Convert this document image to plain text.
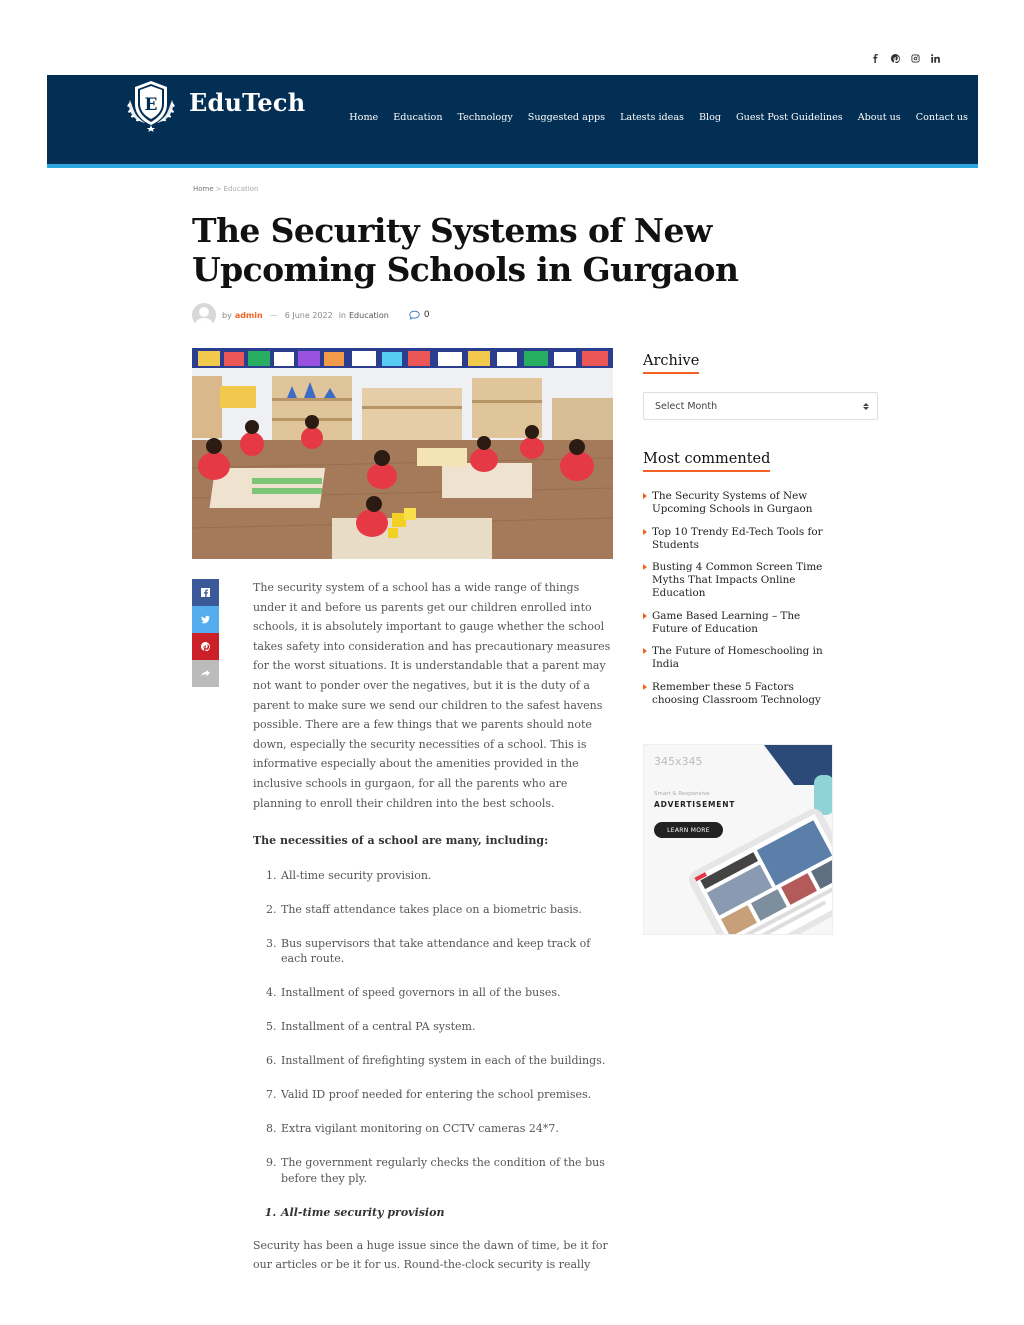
E EduTech
Home Education Technology Suggested apps Latests ideas Blog Guest Post Guidelines About us Contact us
Home > Education
The Security Systems of New Upcoming Schools in Gurgaon
by admin — 6 June 2022 in Education	0

The security system of a school has a wide range of things under it and before us parents get our children enrolled into schools, it is absolutely important to gauge whether the school takes safety into consideration and has precautionary measures for the worst situations. It is understandable that a parent may not want to ponder over the negatives, but it is the duty of a parent to make sure we send our children to the safest havens possible. There are a few things that we parents should note down, especially the security necessities of a school. This is informative especially about the amenities provided in the inclusive schools in gurgaon, for all the parents who are planning to enroll their children into the best schools.

The necessities of a school are many, including:

1. All-time security provision.
2. The staff attendance takes place on a biometric basis.
3. Bus supervisors that take attendance and keep track of each route.
4. Installment of speed governors in all of the buses.
5. Installment of a central PA system.
6. Installment of firefighting system in each of the buildings.
7. Valid ID proof needed for entering the school premises.
8. Extra vigilant monitoring on CCTV cameras 24*7.
9. The government regularly checks the condition of the bus before they ply.
1. All-time security provision

Security has been a huge issue since the dawn of time, be it for our articles or be it for us. Round-the-clock security is really

Archive
Select Month
Most commented
The Security Systems of New Upcoming Schools in Gurgaon
Top 10 Trendy Ed-Tech Tools for Students
Busting 4 Common Screen Time Myths That Impacts Online Education
Game Based Learning – The Future of Education
The Future of Homeschooling in India
Remember these 5 Factors choosing Classroom Technology
345x345
Smart & Responsive
ADVERTISEMENT
LEARN MORE
